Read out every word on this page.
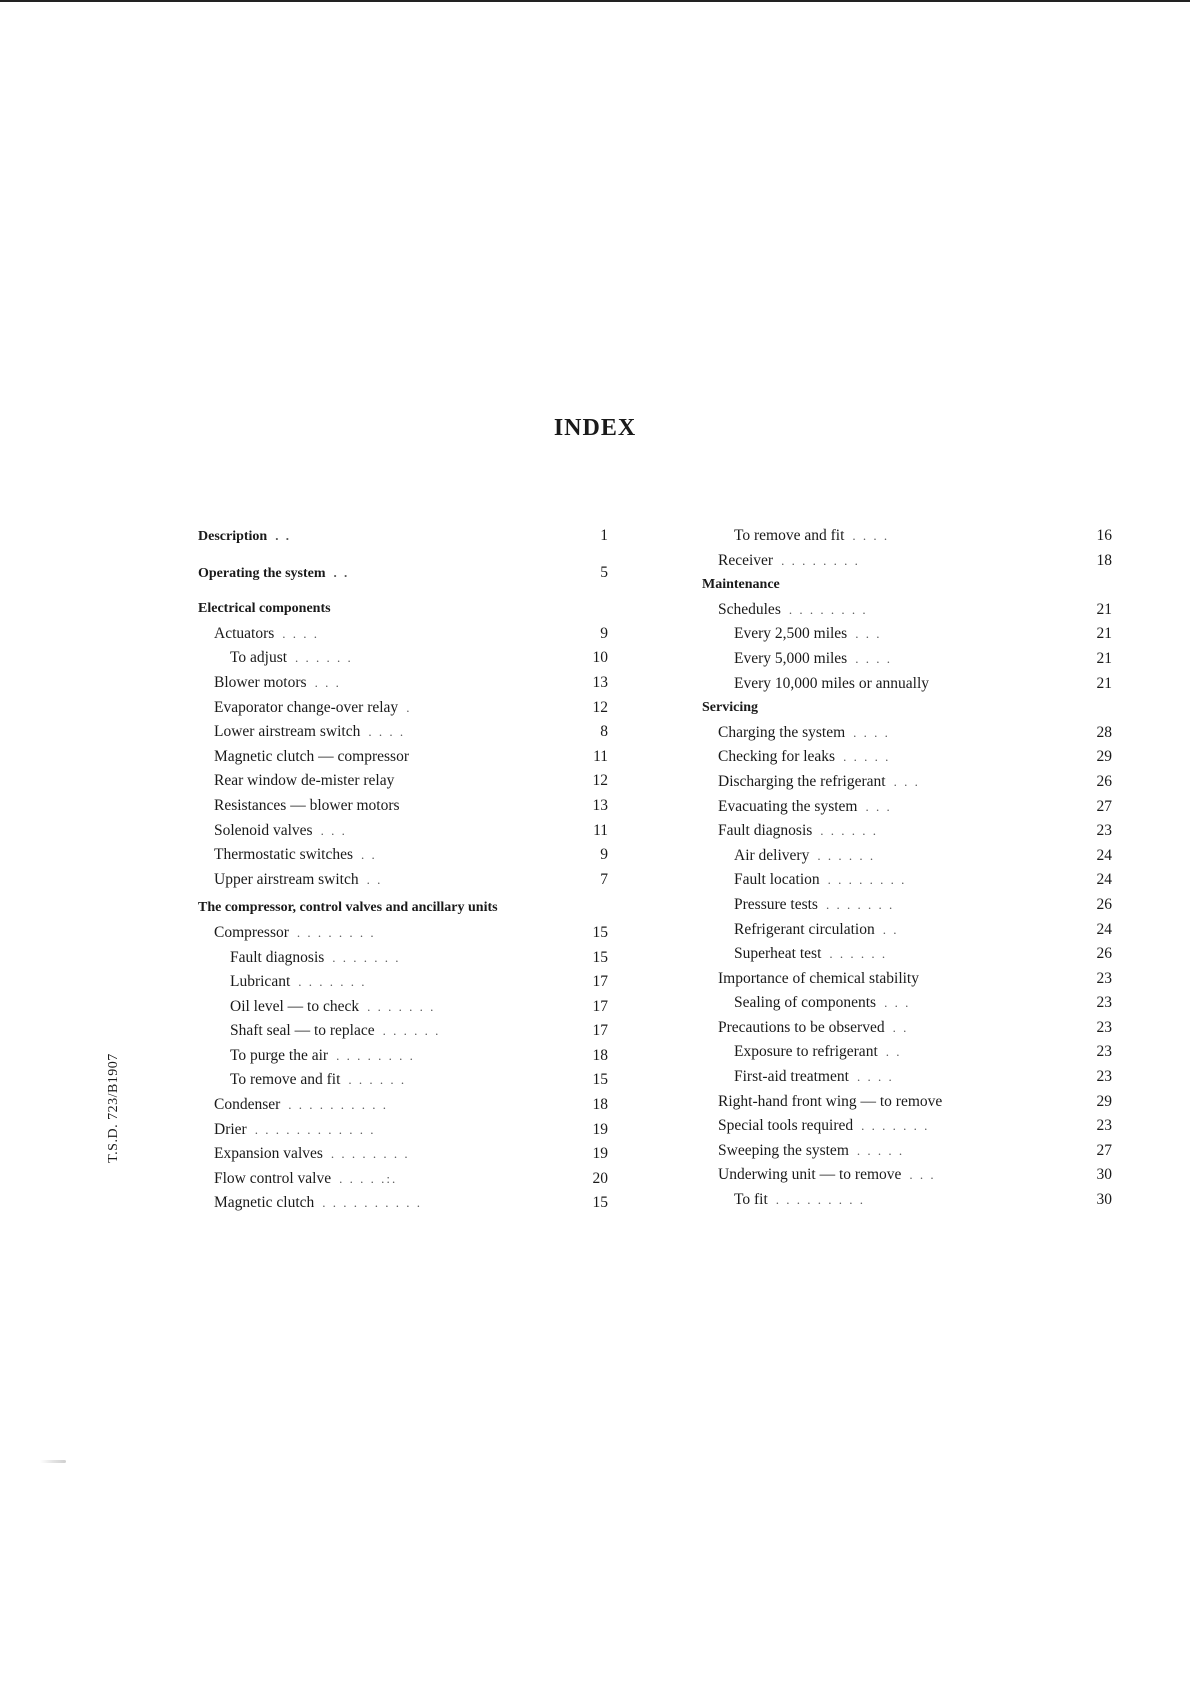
INDEX
Description . .	1
Operating the system . .	5
Electrical components
Actuators . . . .	9
To adjust . . . . . .	10
Blower motors . . .	13
Evaporator change-over relay .	12
Lower airstream switch . . . .	8
Magnetic clutch — compressor	11
Rear window de-mister relay	12
Resistances — blower motors	13
Solenoid valves . . .	11
Thermostatic switches . .	9
Upper airstream switch . .	7
The compressor, control valves and ancillary units
Compressor . . . . . . . .	15
Fault diagnosis . . . . . . .	15
Lubricant . . . . . . .	17
Oil level — to check . . . . . . .	17
Shaft seal — to replace . . . . . .	17
To purge the air . . . . . . . .	18
To remove and fit . . . . . .	15
Condenser . . . . . . . . . .	18
Drier . . . . . . . . . . . .	19
Expansion valves . . . . . . . .	19
Flow control valve . . . . .:.	20
Magnetic clutch . . . . . . . . . .	15
To remove and fit . . . .	16
Receiver . . . . . . . .	18
Maintenance
Schedules . . . . . . . .	21
Every 2,500 miles . . .	21
Every 5,000 miles . . . .	21
Every 10,000 miles or annually	21
Servicing
Charging the system . . . .	28
Checking for leaks . . . . .	29
Discharging the refrigerant . . .	26
Evacuating the system . . .	27
Fault diagnosis . . . . . .	23
Air delivery . . . . . .	24
Fault location . . . . . . . .	24
Pressure tests . . . . . . .	26
Refrigerant circulation . .	24
Superheat test . . . . . .	26
Importance of chemical stability	23
Sealing of components . . .	23
Precautions to be observed . .	23
Exposure to refrigerant . .	23
First-aid treatment . . . .	23
Right-hand front wing — to remove	29
Special tools required . . . . . . .	23
Sweeping the system . . . . .	27
Underwing unit — to remove . . .	30
To fit . . . . . . . . .	30
T.S.D. 723/B1907
